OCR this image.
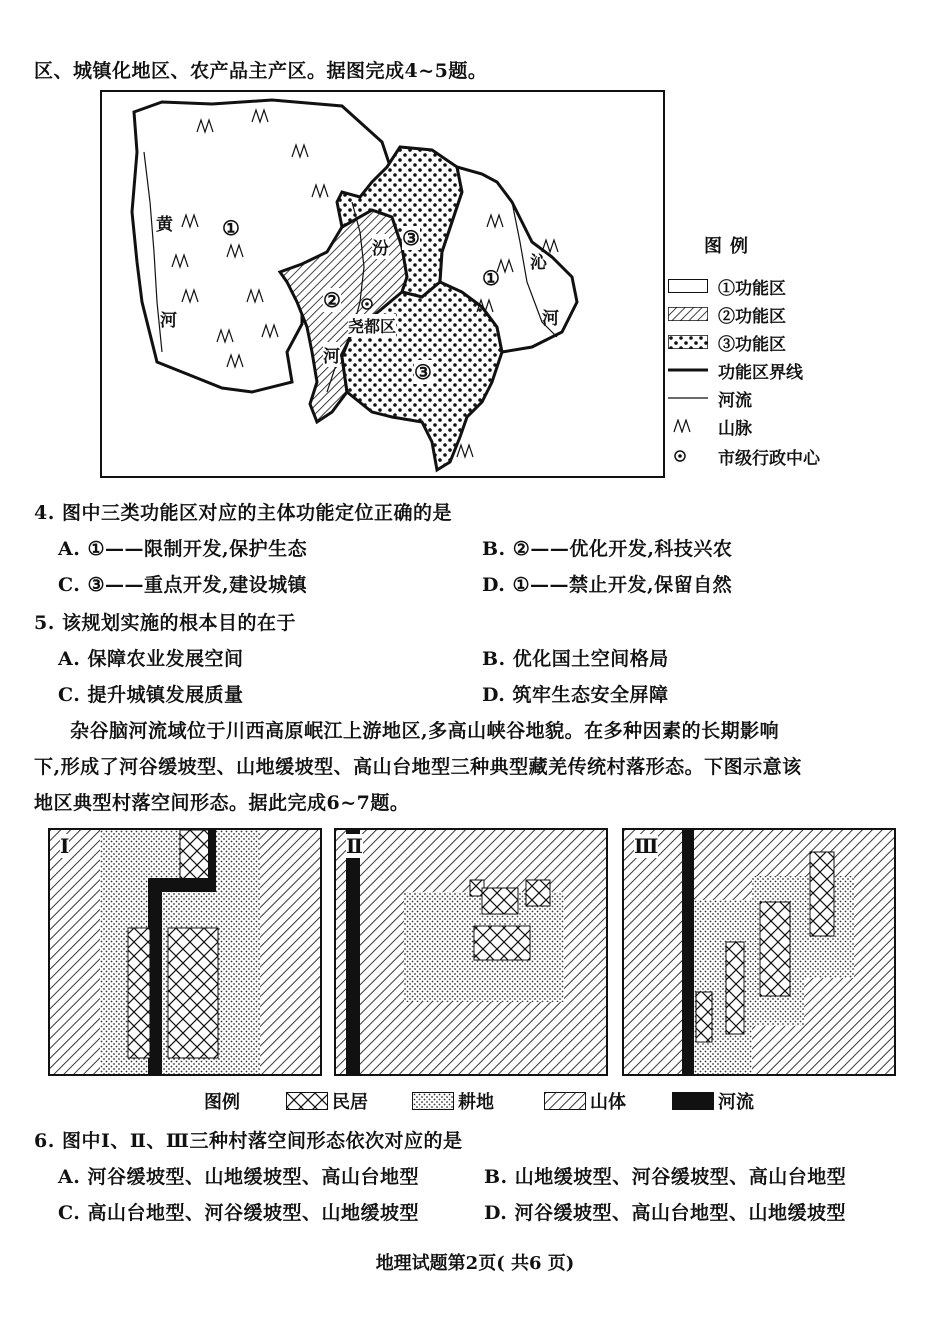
区、城镇化地区、农产品主产区。据图完成4~5题。
黄
河
①
②
汾
河
③
尧都区
③
①
沁
河
图例
①功能区
②功能区
③功能区
功能区界线
河流
山脉
市级行政中心
4. 图中三类功能区对应的主体功能定位正确的是
A. ①——限制开发,保护生态	B. ②——优化开发,科技兴农
C. ③——重点开发,建设城镇	D. ①——禁止开发,保留自然
5. 该规划实施的根本目的在于
A. 保障农业发展空间	B. 优化国土空间格局
C. 提升城镇发展质量	D. 筑牢生态安全屏障
杂谷脑河流域位于川西高原岷江上游地区,多高山峡谷地貌。在多种因素的长期影响
下,形成了河谷缓坡型、山地缓坡型、高山台地型三种典型藏羌传统村落形态。下图示意该
地区典型村落空间形态。据此完成6~7题。
Ⅰ	Ⅱ	Ⅲ
图例	民居	耕地	山体	河流
6. 图中Ⅰ、Ⅱ、Ⅲ三种村落空间形态依次对应的是
A. 河谷缓坡型、山地缓坡型、高山台地型	B. 山地缓坡型、河谷缓坡型、高山台地型
C. 高山台地型、河谷缓坡型、山地缓坡型	D. 河谷缓坡型、高山台地型、山地缓坡型
地理试题第2页( 共6 页)
